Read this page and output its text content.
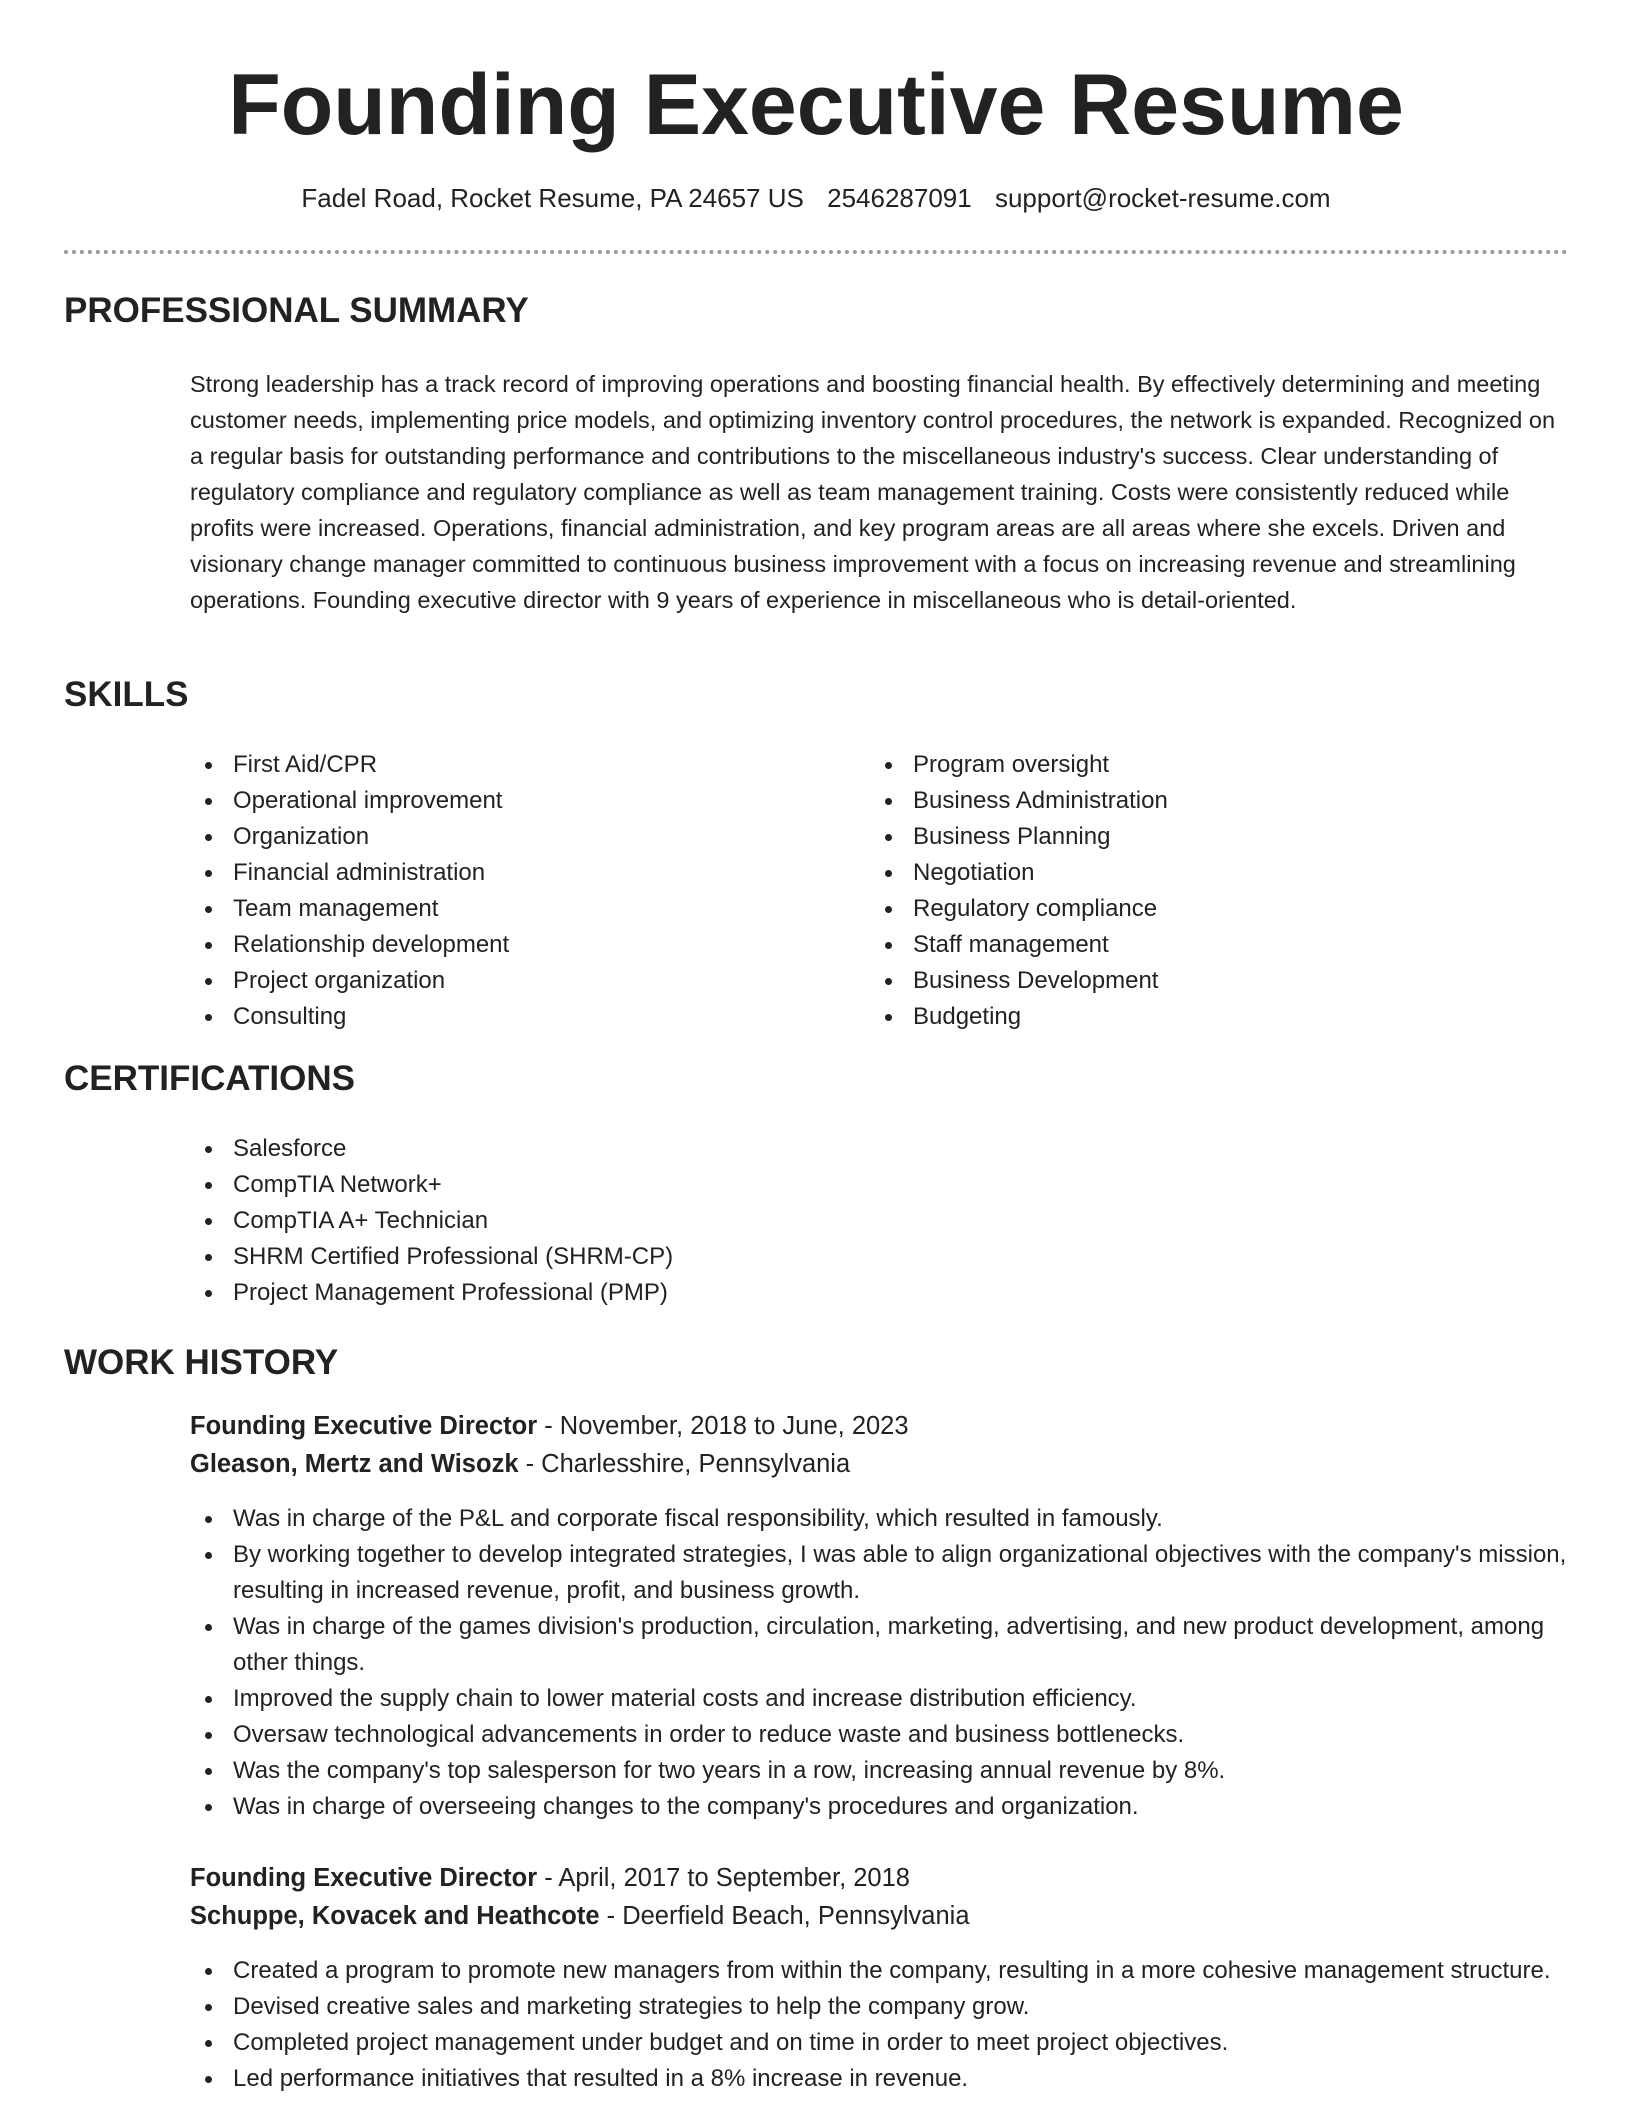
Founding Executive Resume
Fadel Road, Rocket Resume, PA 24657 US 2546287091 support@rocket-resume.com
PROFESSIONAL SUMMARY

Strong leadership has a track record of improving operations and boosting financial health. By effectively determining and meeting customer needs, implementing price models, and optimizing inventory control procedures, the network is expanded. Recognized on a regular basis for outstanding performance and contributions to the miscellaneous industry's success. Clear understanding of regulatory compliance and regulatory compliance as well as team management training. Costs were consistently reduced while profits were increased. Operations, financial administration, and key program areas are all areas where she excels. Driven and visionary change manager committed to continuous business improvement with a focus on increasing revenue and streamlining operations. Founding executive director with 9 years of experience in miscellaneous who is detail-oriented.

SKILLS
First Aid/CPR
Operational improvement
Organization
Financial administration
Team management
Relationship development
Project organization
Consulting
Program oversight
Business Administration
Business Planning
Negotiation
Regulatory compliance
Staff management
Business Development
Budgeting
CERTIFICATIONS
Salesforce
CompTIA Network+
CompTIA A+ Technician
SHRM Certified Professional (SHRM-CP)
Project Management Professional (PMP)
WORK HISTORY
Founding Executive Director - November, 2018 to June, 2023
Gleason, Mertz and Wisozk - Charlesshire, Pennsylvania
Was in charge of the P&L and corporate fiscal responsibility, which resulted in famously.
By working together to develop integrated strategies, I was able to align organizational objectives with the company's mission, resulting in increased revenue, profit, and business growth.
Was in charge of the games division's production, circulation, marketing, advertising, and new product development, among other things.
Improved the supply chain to lower material costs and increase distribution efficiency.
Oversaw technological advancements in order to reduce waste and business bottlenecks.
Was the company's top salesperson for two years in a row, increasing annual revenue by 8%.
Was in charge of overseeing changes to the company's procedures and organization.
Founding Executive Director - April, 2017 to September, 2018
Schuppe, Kovacek and Heathcote - Deerfield Beach, Pennsylvania
Created a program to promote new managers from within the company, resulting in a more cohesive management structure.
Devised creative sales and marketing strategies to help the company grow.
Completed project management under budget and on time in order to meet project objectives.
Led performance initiatives that resulted in a 8% increase in revenue.
